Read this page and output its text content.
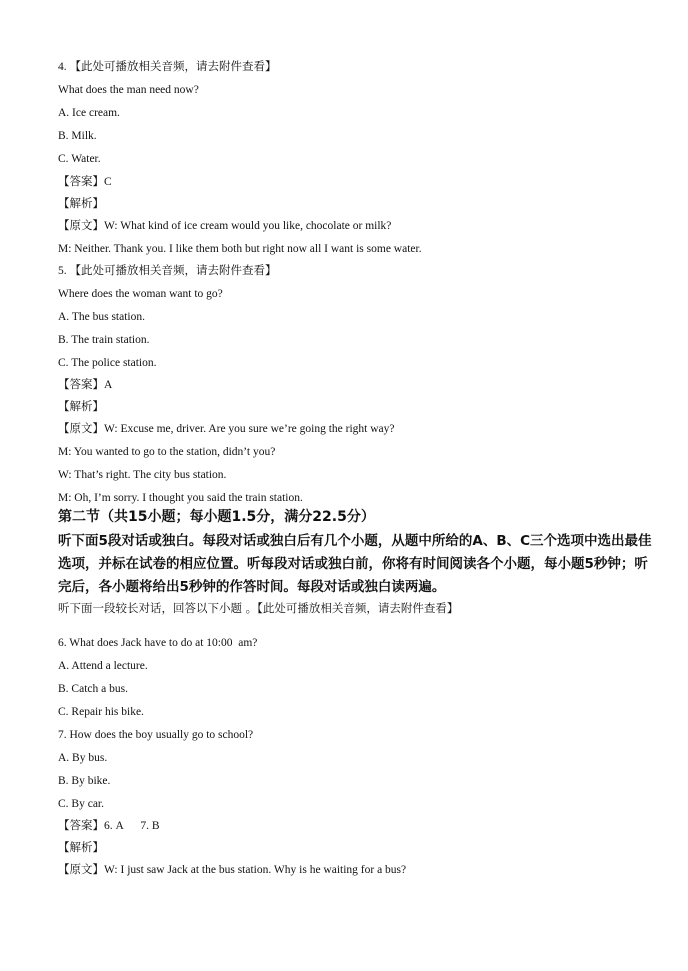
4. 【此处可播放相关音频，请去附件查看】

What does the man need now?

A. Ice cream.

B. Milk.

C. Water.

【答案】C

【解析】

【原文】W: What kind of ice cream would you like, chocolate or milk?

M: Neither. Thank you. I like them both but right now all I want is some water.

5. 【此处可播放相关音频，请去附件查看】

Where does the woman want to go?

A. The bus station.

B. The train station.

C. The police station.

【答案】A

【解析】

【原文】W: Excuse me, driver. Are you sure we’re going the right way?

M: You wanted to go to the station, didn’t you?

W: That’s right. The city bus station.

M: Oh, I’m sorry. I thought you said the train station.

第二节（共15小题；每小题1.5分，满分22.5分）

听下面5段对话或独白。每段对话或独白后有几个小题，从题中所给的A、B、C三个选项中选出最佳选项，并标在试卷的相应位置。听每段对话或独白前，你将有时间阅读各个小题，每小题5秒钟；听完后，各小题将给出5秒钟的作答时间。每段对话或独白读两遍。

听下面一段较长对话，回答以下小题 。【此处可播放相关音频，请去附件查看】

6. What does Jack have to do at 10:00  am?

A. Attend a lecture.

B. Catch a bus.

C. Repair his bike.

7. How does the boy usually go to school?

A. By bus.

B. By bike.

C. By car.

【答案】6. A      7. B

【解析】

【原文】W: I just saw Jack at the bus station. Why is he waiting for a bus?
